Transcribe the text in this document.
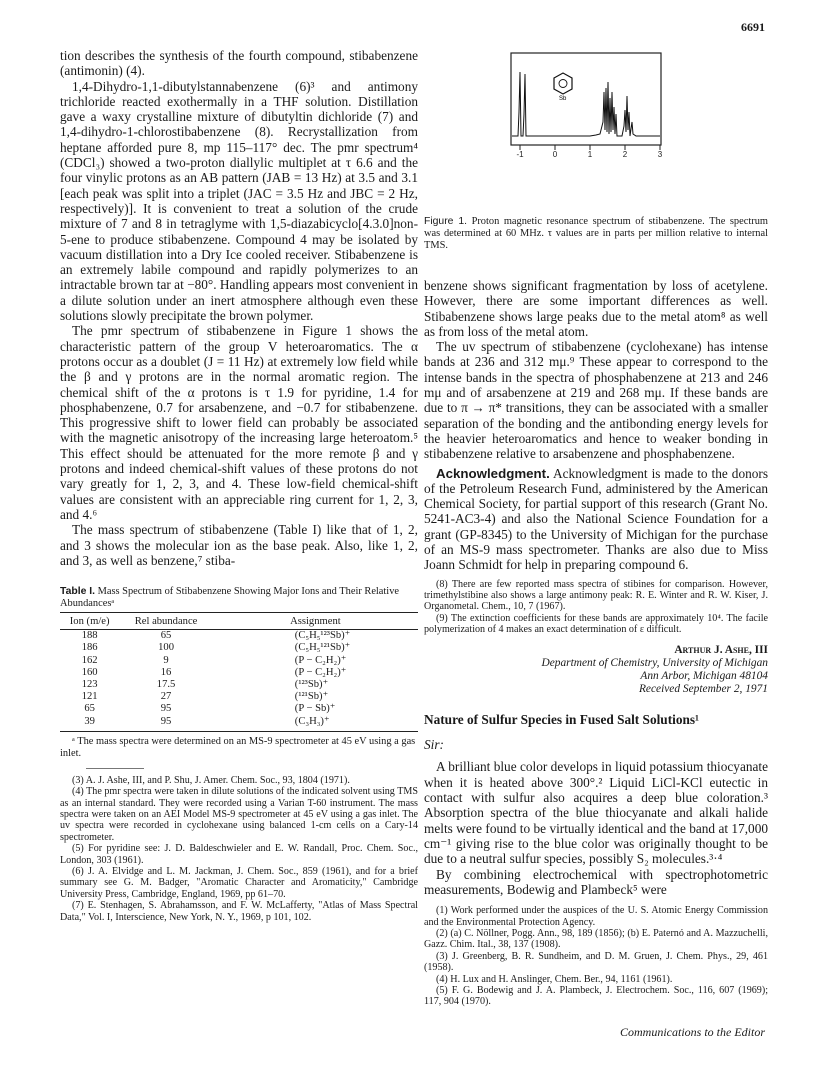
6691

tion describes the synthesis of the fourth compound, stibabenzene (antimonin) (4).

1,4-Dihydro-1,1-dibutylstannabenzene (6)³ and antimony trichloride reacted exothermally in a THF solution. Distillation gave a waxy crystalline mixture of dibutyltin dichloride (7) and 1,4-dihydro-1-chlorostibabenzene (8). Recrystallization from heptane afforded pure 8, mp 115–117° dec. The pmr spectrum⁴ (CDCl₃) showed a two-proton diallylic multiplet at τ 6.6 and the four vinylic protons as an AB pattern (JAB = 13 Hz) at 3.5 and 3.1 [each peak was split into a triplet (JAC = 3.5 Hz and JBC = 2 Hz, respectively)]. It is convenient to treat a solution of the crude mixture of 7 and 8 in tetraglyme with 1,5-diazabicyclo[4.3.0]non-5-ene to produce stibabenzene. Compound 4 may be isolated by vacuum distillation into a Dry Ice cooled receiver. Stibabenzene is an extremely labile compound and rapidly polymerizes to an intractable brown tar at −80°. Handling appears most convenient in a dilute solution under an inert atmosphere although even these solutions slowly precipitate the brown polymer.

The pmr spectrum of stibabenzene in Figure 1 shows the characteristic pattern of the group V heteroaromatics. The α protons occur as a doublet (J = 11 Hz) at extremely low field while the β and γ protons are in the normal aromatic region. The chemical shift of the α protons is τ 1.9 for pyridine, 1.4 for phosphabenzene, 0.7 for arsabenzene, and −0.7 for stibabenzene. This progressive shift to lower field can probably be associated with the magnetic anisotropy of the increasing large heteroatom.⁵ This effect should be attenuated for the more remote β and γ protons and indeed chemical-shift values of these protons do not vary greatly for 1, 2, 3, and 4. These low-field chemical-shift values are consistent with an appreciable ring current for 1, 2, 3, and 4.⁶

The mass spectrum of stibabenzene (Table I) like that of 1, 2, and 3 shows the molecular ion as the base peak. Also, like 1, 2, and 3, as well as benzene,⁷ stiba-

Table I. Mass Spectrum of Stibabenzene Showing Major Ions and Their Relative Abundancesᵃ
Ion (m/e)	Rel abundance	Assignment
188	65	(C₅H₅¹²³Sb)⁺
186	100	(C₅H₅¹²¹Sb)⁺
162	9	(P − C₂H₂)⁺
160	16	(P − C₂H₂)⁺
123	17.5	(¹²³Sb)⁺
121	27	(¹²¹Sb)⁺
65	95	(P − Sb)⁺
39	95	(C₃H₃)⁺
ᵃ The mass spectra were determined on an MS-9 spectrometer at 45 eV using a gas inlet.

(3) A. J. Ashe, III, and P. Shu, J. Amer. Chem. Soc., 93, 1804 (1971).

(4) The pmr spectra were taken in dilute solutions of the indicated solvent using TMS as an internal standard. They were recorded using a Varian T-60 instrument. The mass spectra were taken on an AEI Model MS-9 spectrometer at 45 eV using a gas inlet. The uv spectra were recorded in cyclohexane using balanced 1-cm cells on a Cary-14 spectrometer.

(5) For pyridine see: J. D. Baldeschwieler and E. W. Randall, Proc. Chem. Soc., London, 303 (1961).

(6) J. A. Elvidge and L. M. Jackman, J. Chem. Soc., 859 (1961), and for a brief summary see G. M. Badger, "Aromatic Character and Aromaticity," Cambridge University Press, Cambridge, England, 1969, pp 61–70.

(7) E. Stenhagen, S. Abrahamsson, and F. W. McLafferty, "Atlas of Mass Spectral Data," Vol. I, Interscience, New York, N. Y., 1969, p 101, 102.

Sb
-1	0	1	2	3
Figure 1. Proton magnetic resonance spectrum of stibabenzene. The spectrum was determined at 60 MHz. τ values are in parts per million relative to internal TMS.

benzene shows significant fragmentation by loss of acetylene. However, there are some important differences as well. Stibabenzene shows large peaks due to the metal atom⁸ as well as from loss of the metal atom.

The uv spectrum of stibabenzene (cyclohexane) has intense bands at 236 and 312 mμ.⁹ These appear to correspond to the intense bands in the spectra of phosphabenzene at 213 and 246 mμ and of arsabenzene at 219 and 268 mμ. If these bands are due to π → π* transitions, they can be associated with a smaller separation of the bonding and the antibonding energy levels for the heavier heteroaromatics and hence to weaker bonding in stibabenzene relative to arsabenzene and phosphabenzene.

Acknowledgment. Acknowledgment is made to the donors of the Petroleum Research Fund, administered by the American Chemical Society, for partial support of this research (Grant No. 5241-AC3-4) and also the National Science Foundation for a grant (GP-8345) to the University of Michigan for the purchase of an MS-9 mass spectrometer. Thanks are also due to Miss Joann Schmidt for help in preparing compound 6.

(8) There are few reported mass spectra of stibines for comparison. However, trimethylstibine also shows a large antimony peak: R. E. Winter and R. W. Kiser, J. Organometal. Chem., 10, 7 (1967).

(9) The extinction coefficients for these bands are approximately 10⁴. The facile polymerization of 4 makes an exact determination of ε difficult.

Arthur J. Ashe, III
Department of Chemistry, University of Michigan
Ann Arbor, Michigan 48104
Received September 2, 1971
Nature of Sulfur Species in Fused Salt Solutions¹
Sir:

A brilliant blue color develops in liquid potassium thiocyanate when it is heated above 300°.² Liquid LiCl-KCl eutectic in contact with sulfur also acquires a deep blue coloration.³ Absorption spectra of the blue thiocyanate and alkali halide melts were found to be virtually identical and the band at 17,000 cm⁻¹ giving rise to the blue color was originally thought to be due to a neutral sulfur species, possibly S₂ molecules.³·⁴

By combining electrochemical with spectrophotometric measurements, Bodewig and Plambeck⁵ were

(1) Work performed under the auspices of the U. S. Atomic Energy Commission and the Environmental Protection Agency.

(2) (a) C. Nöllner, Pogg. Ann., 98, 189 (1856); (b) E. Paternó and A. Mazzuchelli, Gazz. Chim. Ital., 38, 137 (1908).

(3) J. Greenberg, B. R. Sundheim, and D. M. Gruen, J. Chem. Phys., 29, 461 (1958).

(4) H. Lux and H. Anslinger, Chem. Ber., 94, 1161 (1961).

(5) F. G. Bodewig and J. A. Plambeck, J. Electrochem. Soc., 116, 607 (1969); 117, 904 (1970).

Communications to the Editor
